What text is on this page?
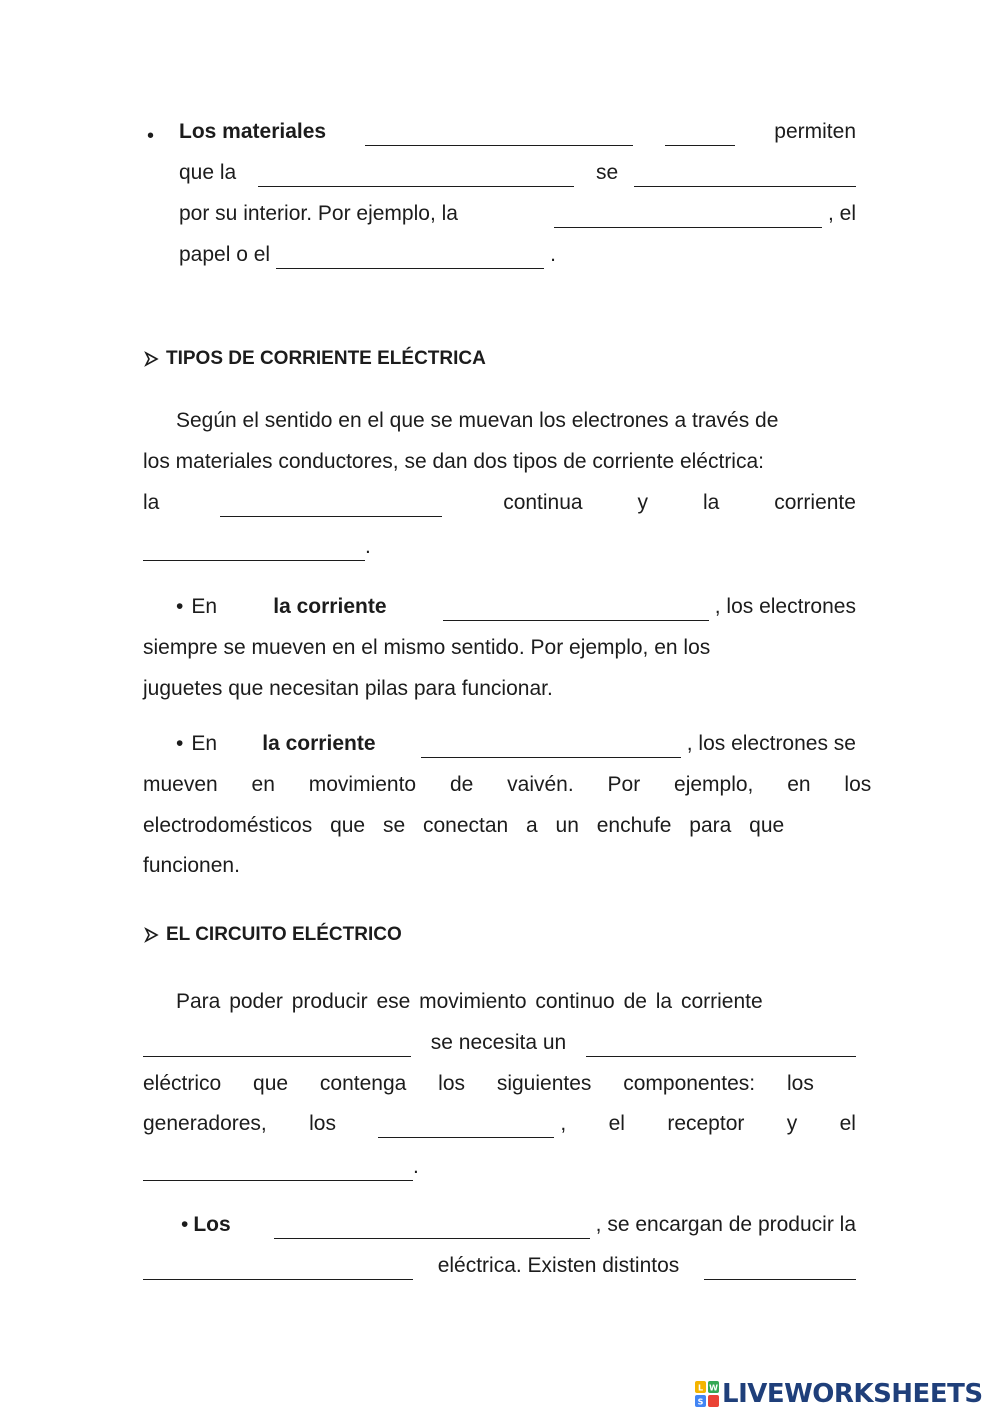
• Los materiales	permiten
que la	se
por su interior. Por ejemplo, la	, el
papel o el	.
TIPOS DE CORRIENTE ELÉCTRICA
Según el sentido en el que se muevan los electrones a través de
los materiales conductores, se dan dos tipos de corriente eléctrica:
la	continua	y	la	corriente
.
• En	la corriente	, los electrones
siempre se mueven en el mismo sentido. Por ejemplo, en los
juguetes que necesitan pilas para funcionar.
• En la corriente	, los electrones se
mueven en movimiento de vaivén. Por ejemplo, en los
electrodomésticos que se conectan a un enchufe para que
funcionen.
EL CIRCUITO ELÉCTRICO
Para poder producir ese movimiento continuo de la corriente
se necesita un
eléctrico que contenga los siguientes componentes: los
generadores, los	, el receptor y el
.
• Los	, se encargan de producir la
eléctrica. Existen distintos
L W
S LIVEWORKSHEETS
